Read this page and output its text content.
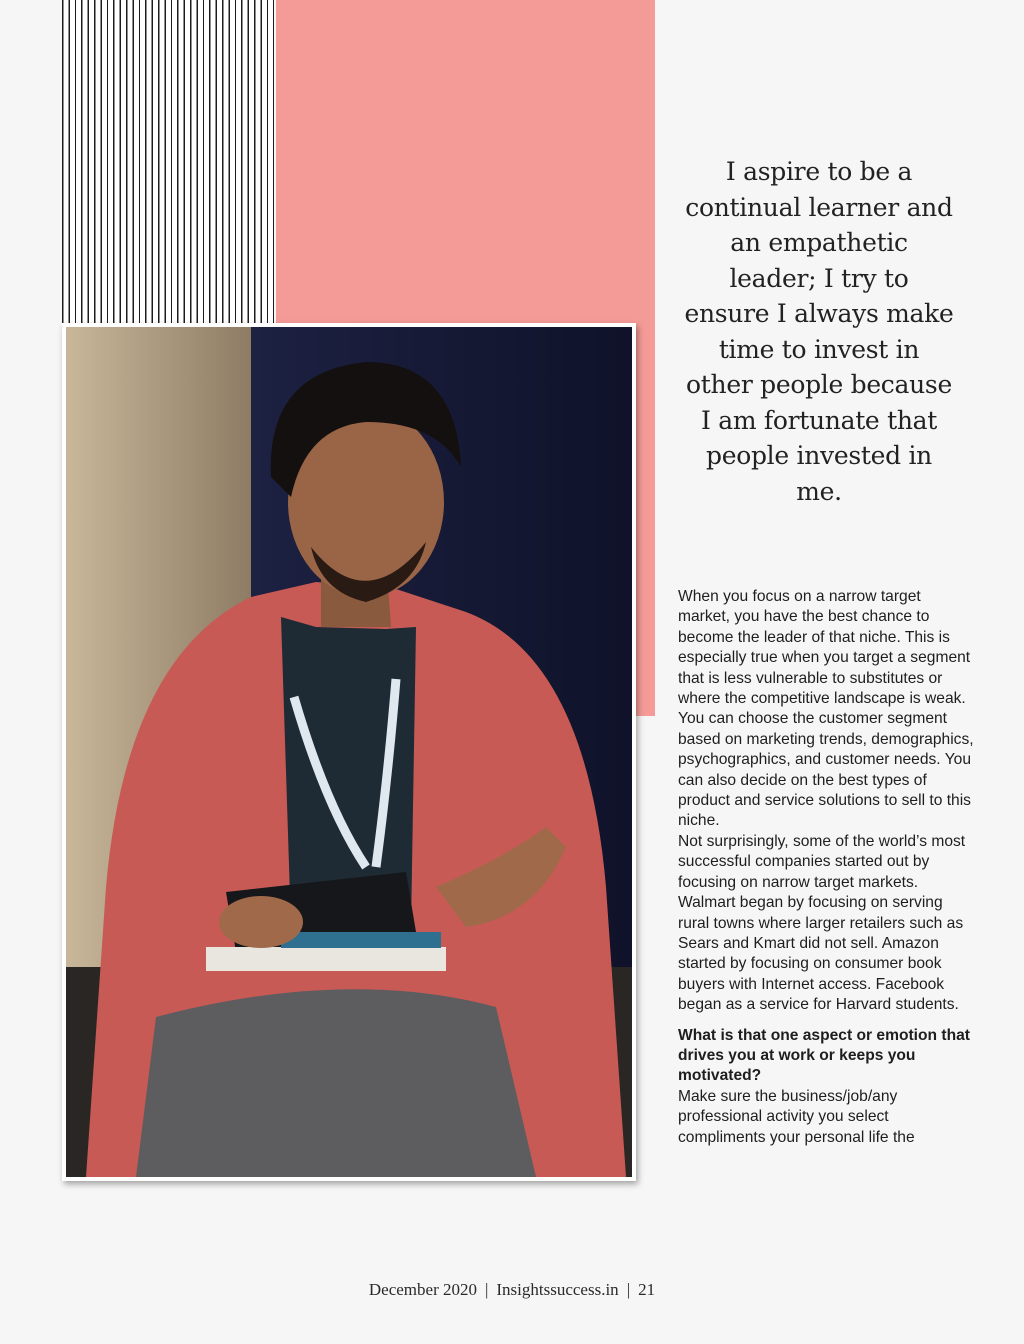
I aspire to be a continual learner and an empathetic leader; I try to ensure I always make time to invest in other people because I am fortunate that people invested in me.

When you focus on a narrow target market, you have the best chance to become the leader of that niche. This is especially true when you target a segment that is less vulnerable to substitutes or where the competitive landscape is weak. You can choose the customer segment based on marketing trends, demographics, psychographics, and customer needs. You can also decide on the best types of product and service solutions to sell to this niche.

Not surprisingly, some of the world’s most successful companies started out by focusing on narrow target markets. Walmart began by focusing on serving rural towns where larger retailers such as Sears and Kmart did not sell. Amazon started by focusing on consumer book buyers with Internet access. Facebook began as a service for Harvard students.

What is that one aspect or emotion that drives you at work or keeps you motivated?

Make sure the business/job/any professional activity you select compliments your personal life the

December 2020 | Insightssuccess.in | 21
